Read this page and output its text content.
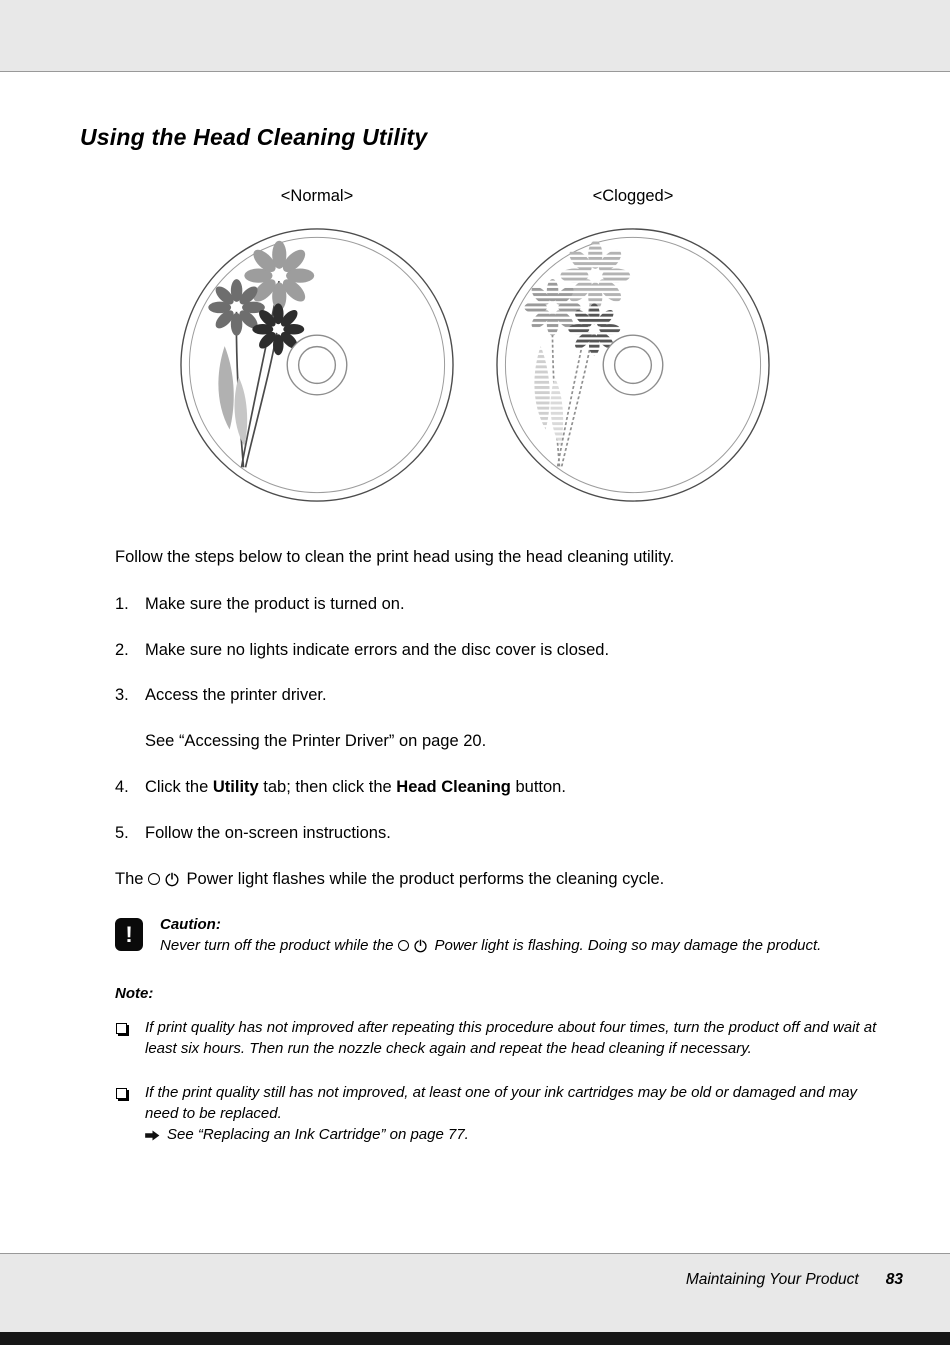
Using the Head Cleaning Utility
<Normal>	<Clogged>

Follow the steps below to clean the print head using the head cleaning utility.

1. Make sure the product is turned on.
2. Make sure no lights indicate errors and the disc cover is closed.
3. Access the printer driver.
See “Accessing the Printer Driver” on page 20.
4. Click the Utility tab; then click the Head Cleaning button.
5. Follow the on-screen instructions.

The	Power light flashes while the product performs the cleaning cycle.

! Caution:
Never turn off the product while the	Power light is flashing. Doing so may damage the product.
Note:
If print quality has not improved after repeating this procedure about four times, turn the product off and wait at least six hours. Then run the nozzle check again and repeat the head cleaning if necessary.
If the print quality still has not improved, at least one of your ink cartridges may be old or damaged and may need to be replaced.
See “Replacing an Ink Cartridge” on page 77.
Maintaining Your Product 83
